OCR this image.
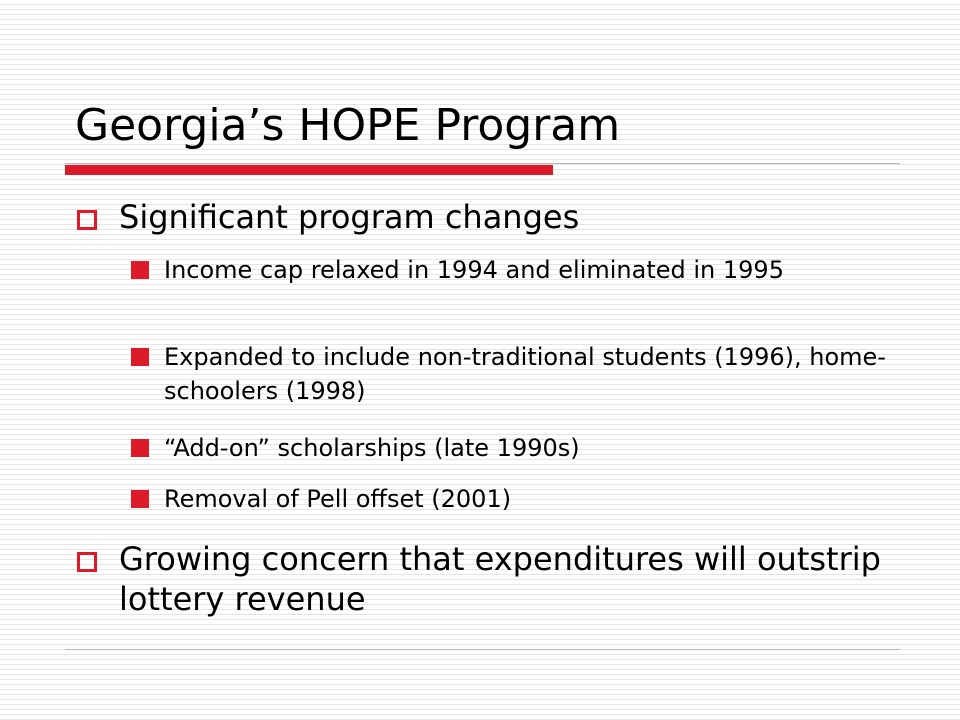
Georgia’s HOPE Program
Significant program changes
Income cap relaxed in 1994 and eliminated in 1995
Expanded to include non-traditional students (1996), home-schoolers (1998)
“Add-on” scholarships (late 1990s)
Removal of Pell offset (2001)
Growing concern that expenditures will outstrip lottery revenue
